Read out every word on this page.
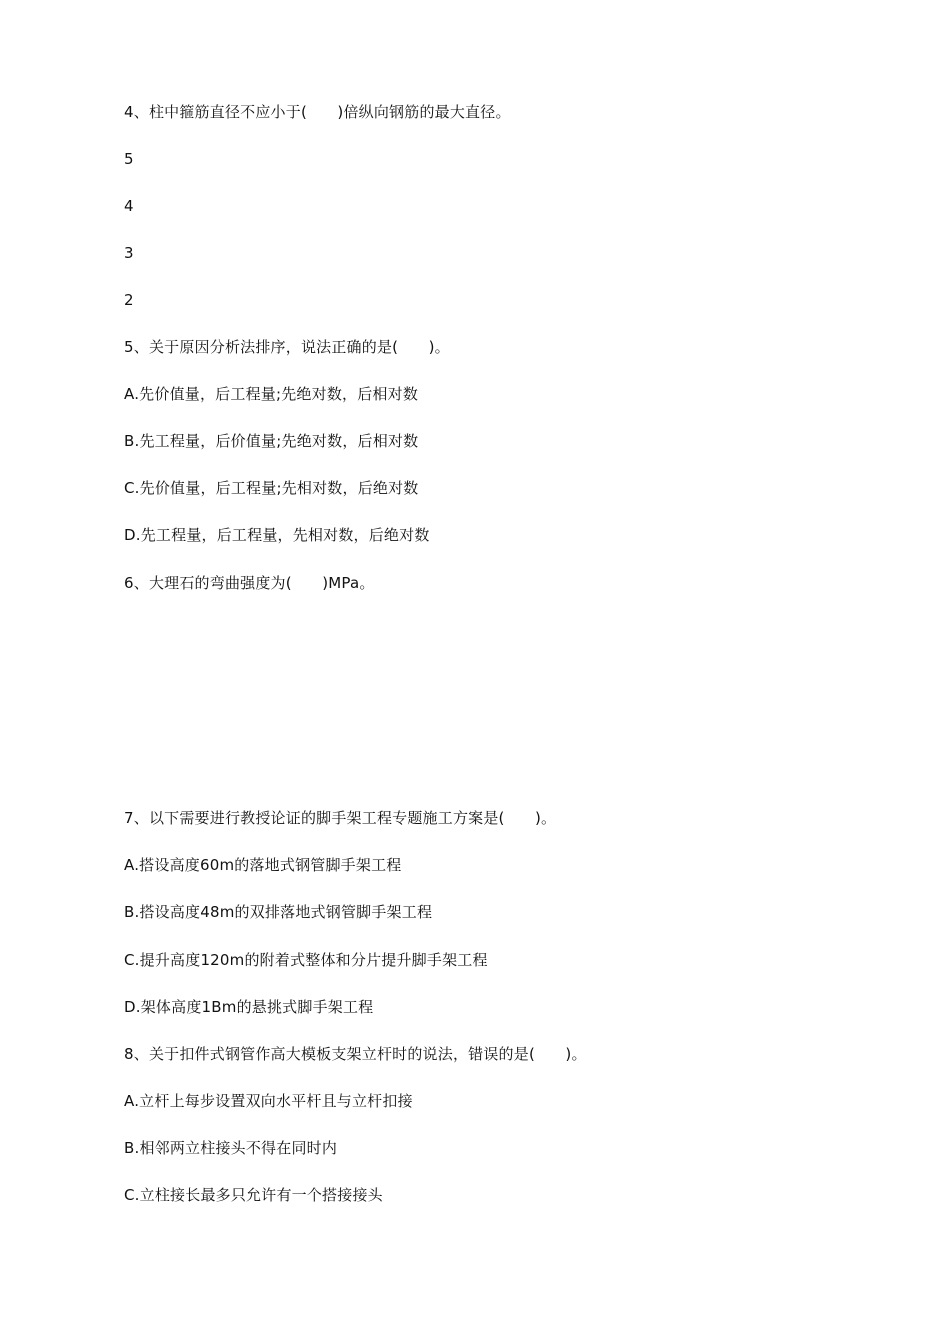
4、柱中箍筋直径不应小于(　　)倍纵向钢筋的最大直径。
5
4
3
2
5、关于原因分析法排序，说法正确的是(　　)。
A.先价值量，后工程量;先绝对数，后相对数
B.先工程量，后价值量;先绝对数，后相对数
C.先价值量，后工程量;先相对数，后绝对数
D.先工程量，后工程量，先相对数，后绝对数
6、大理石的弯曲强度为(　　)MPa。
7、以下需要进行教授论证的脚手架工程专题施工方案是(　　)。
A.搭设高度60m的落地式钢管脚手架工程
B.搭设高度48m的双排落地式钢管脚手架工程
C.提升高度120m的附着式整体和分片提升脚手架工程
D.架体高度1Bm的悬挑式脚手架工程
8、关于扣件式钢管作高大模板支架立杆时的说法，错误的是(　　)。
A.立杆上每步设置双向水平杆且与立杆扣接
B.相邻两立柱接头不得在同时内
C.立柱接长最多只允许有一个搭接接头
